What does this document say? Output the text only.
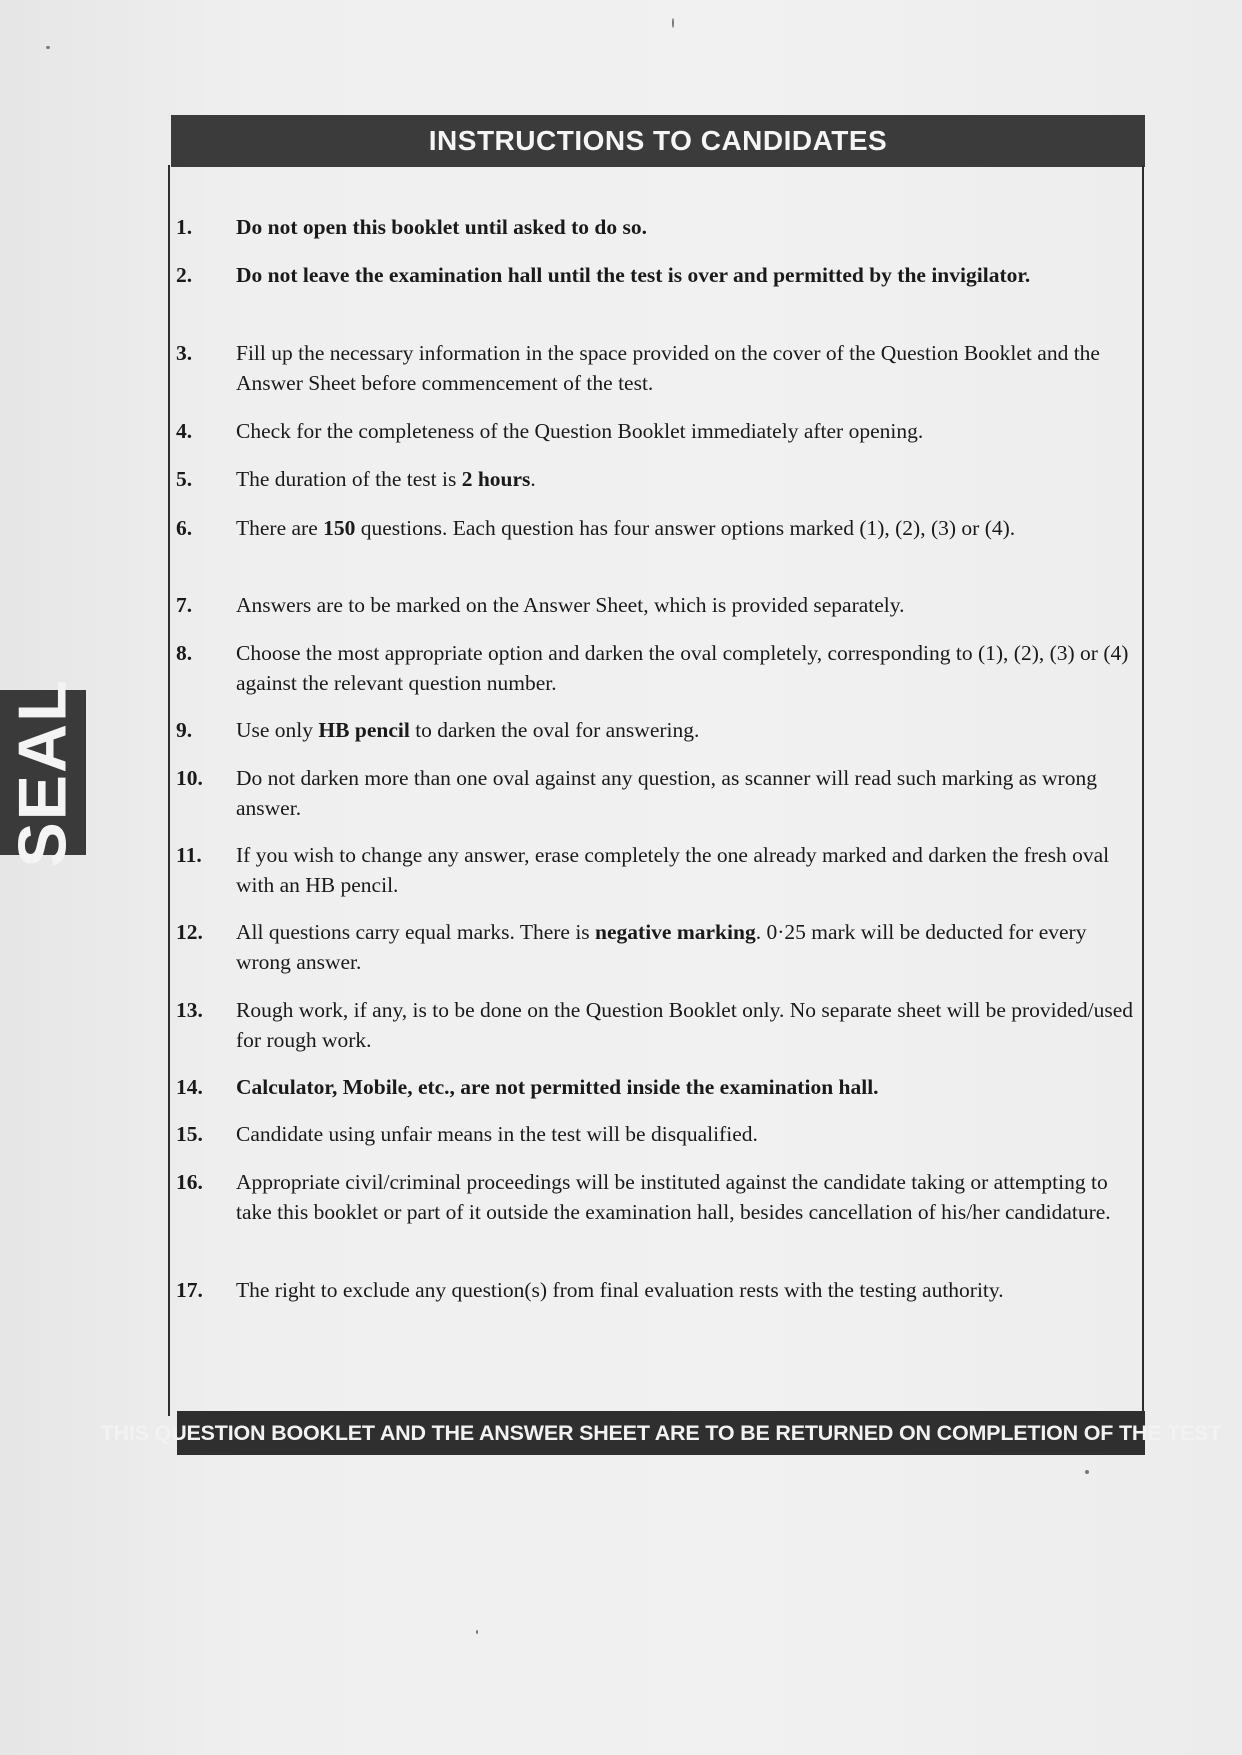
SEAL
INSTRUCTIONS TO CANDIDATES
1.	Do not open this booklet until asked to do so.
2.	Do not leave the examination hall until the test is over and permitted by the invigilator.
3.	Fill up the necessary information in the space provided on the cover of the Question Booklet and the Answer Sheet before commencement of the test.
4.	Check for the completeness of the Question Booklet immediately after opening.
5.	The duration of the test is 2 hours.
6.	There are 150 questions. Each question has four answer options marked (1), (2), (3) or (4).
7.	Answers are to be marked on the Answer Sheet, which is provided separately.
8.	Choose the most appropriate option and darken the oval completely, corresponding to (1), (2), (3) or (4) against the relevant question number.
9.	Use only HB pencil to darken the oval for answering.
10.	Do not darken more than one oval against any question, as scanner will read such marking as wrong answer.
11.	If you wish to change any answer, erase completely the one already marked and darken the fresh oval with an HB pencil.
12.	All questions carry equal marks. There is negative marking. 0·25 mark will be deducted for every wrong answer.
13.	Rough work, if any, is to be done on the Question Booklet only. No separate sheet will be provided/used for rough work.
14.	Calculator, Mobile, etc., are not permitted inside the examination hall.
15.	Candidate using unfair means in the test will be disqualified.
16.	Appropriate civil/criminal proceedings will be instituted against the candidate taking or attempting to take this booklet or part of it outside the examination hall, besides cancellation of his/her candidature.
17.	The right to exclude any question(s) from final evaluation rests with the testing authority.
THIS QUESTION BOOKLET AND THE ANSWER SHEET ARE TO BE RETURNED ON COMPLETION OF THE TEST
